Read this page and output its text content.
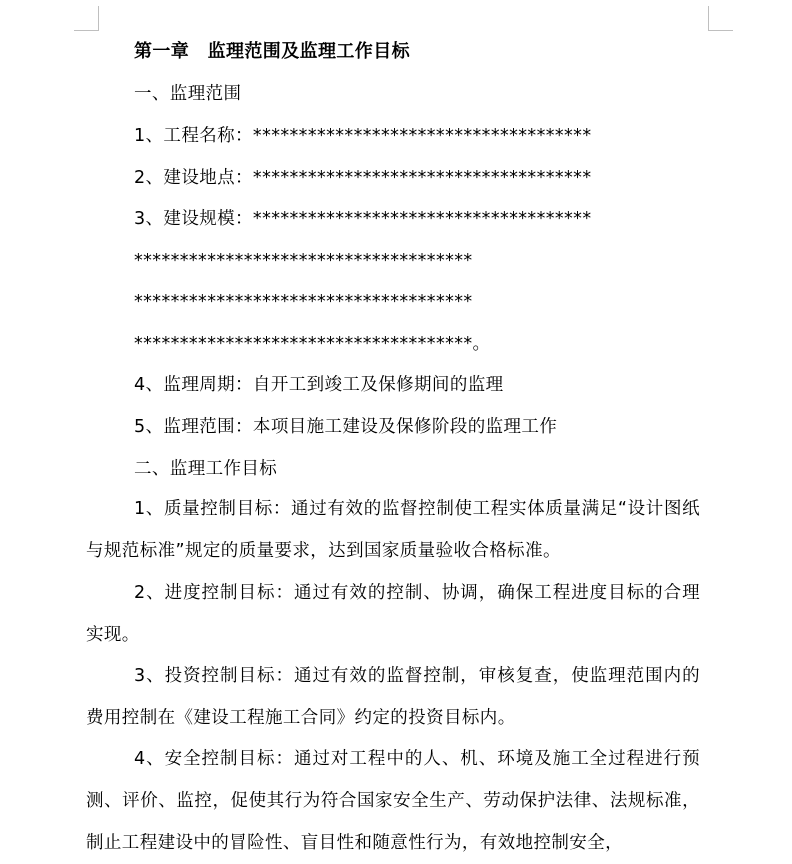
第一章　监理范围及监理工作目标
一、监理范围
1、工程名称：*************************************
2、建设地点：*************************************
3、建设规模：*************************************
*************************************
*************************************
*************************************。
4、监理周期：自开工到竣工及保修期间的监理
5、监理范围：本项目施工建设及保修阶段的监理工作
二、监理工作目标
1、质量控制目标：通过有效的监督控制使工程实体质量满足“设计图纸与规范标准”规定的质量要求，达到国家质量验收合格标准。
2、进度控制目标：通过有效的控制、协调，确保工程进度目标的合理实现。
3、投资控制目标：通过有效的监督控制，审核复查，使监理范围内的费用控制在《建设工程施工合同》约定的投资目标内。
4、安全控制目标：通过对工程中的人、机、环境及施工全过程进行预测、评价、监控，促使其行为符合国家安全生产、劳动保护法律、法规标准，制止工程建设中的冒险性、盲目性和随意性行为，有效地控制安全，
